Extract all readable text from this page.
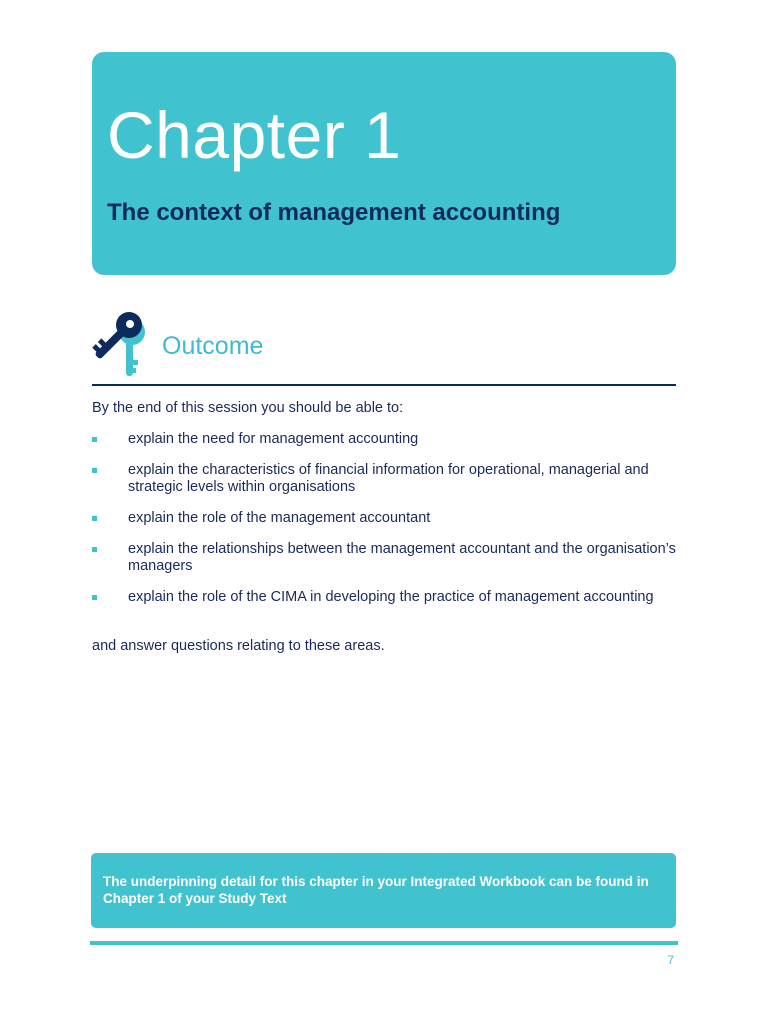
Chapter 1
The context of management accounting
Outcome

By the end of this session you should be able to:

explain the need for management accounting
explain the characteristics of financial information for operational, managerial and strategic levels within organisations
explain the role of the management accountant
explain the relationships between the management accountant and the organisation’s managers
explain the role of the CIMA in developing the practice of management accounting

and answer questions relating to these areas.

The underpinning detail for this chapter in your Integrated Workbook can be found in Chapter 1 of your Study Text

7
